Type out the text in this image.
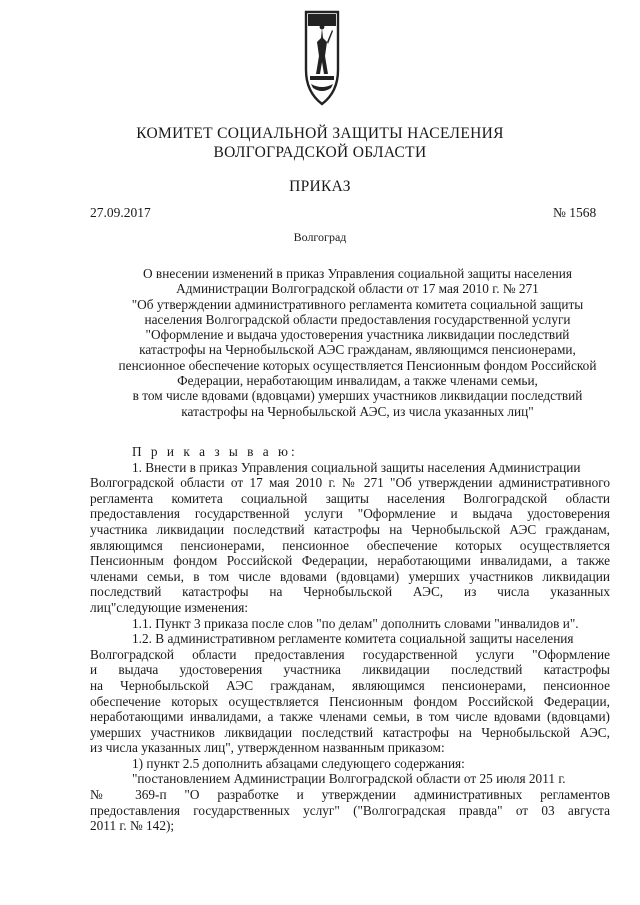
КОМИТЕТ СОЦИАЛЬНОЙ ЗАЩИТЫ НАСЕЛЕНИЯ
ВОЛГОГРАДСКОЙ ОБЛАСТИ
ПРИКАЗ
27.09.2017	№ 1568
Волгоград
О внесении изменений в приказ Управления социальной защиты населения
Администрации Волгоградской области от 17 мая 2010 г. № 271
"Об утверждении административного регламента комитета социальной защиты
населения Волгоградской области предоставления государственной услуги
"Оформление и выдача удостоверения участника ликвидации последствий
катастрофы на Чернобыльской АЭС гражданам, являющимся пенсионерами,
пенсионное обеспечение которых осуществляется Пенсионным фондом Российской
Федерации, неработающим инвалидам, а также членами семьи,
в том числе вдовами (вдовцами) умерших участников ликвидации последствий
катастрофы на Чернобыльской АЭС, из числа указанных лиц"
П р и к а з ы в а ю:
1. Внести в приказ Управления социальной защиты населения Администрации
Волгоградской области от 17 мая 2010 г. № 271 "Об утверждении административного
регламента комитета социальной защиты населения Волгоградской области
предоставления государственной услуги "Оформление и выдача удостоверения
участника ликвидации последствий катастрофы на Чернобыльской АЭС гражданам,
являющимся пенсионерами, пенсионное обеспечение которых осуществляется
Пенсионным фондом Российской Федерации, неработающими инвалидами, а также
членами семьи, в том числе вдовами (вдовцами) умерших участников ликвидации
последствий катастрофы на Чернобыльской АЭС, из числа указанных
лиц"следующие изменения:
1.1. Пункт 3 приказа после слов "по делам" дополнить словами "инвалидов и".
1.2. В административном регламенте комитета социальной защиты населения
Волгоградской области предоставления государственной услуги "Оформление
и выдача удостоверения участника ликвидации последствий катастрофы
на Чернобыльской АЭС гражданам, являющимся пенсионерами, пенсионное
обеспечение которых осуществляется Пенсионным фондом Российской Федерации,
неработающими инвалидами, а также членами семьи, в том числе вдовами (вдовцами)
умерших участников ликвидации последствий катастрофы на Чернобыльской АЭС,
из числа указанных лиц", утвержденном названным приказом:
1) пункт 2.5 дополнить абзацами следующего содержания:
"постановлением Администрации Волгоградской области от 25 июля 2011 г.
№ 369-п "О разработке и утверждении административных регламентов
предоставления государственных услуг" ("Волгоградская правда" от 03 августа
2011 г. № 142);
